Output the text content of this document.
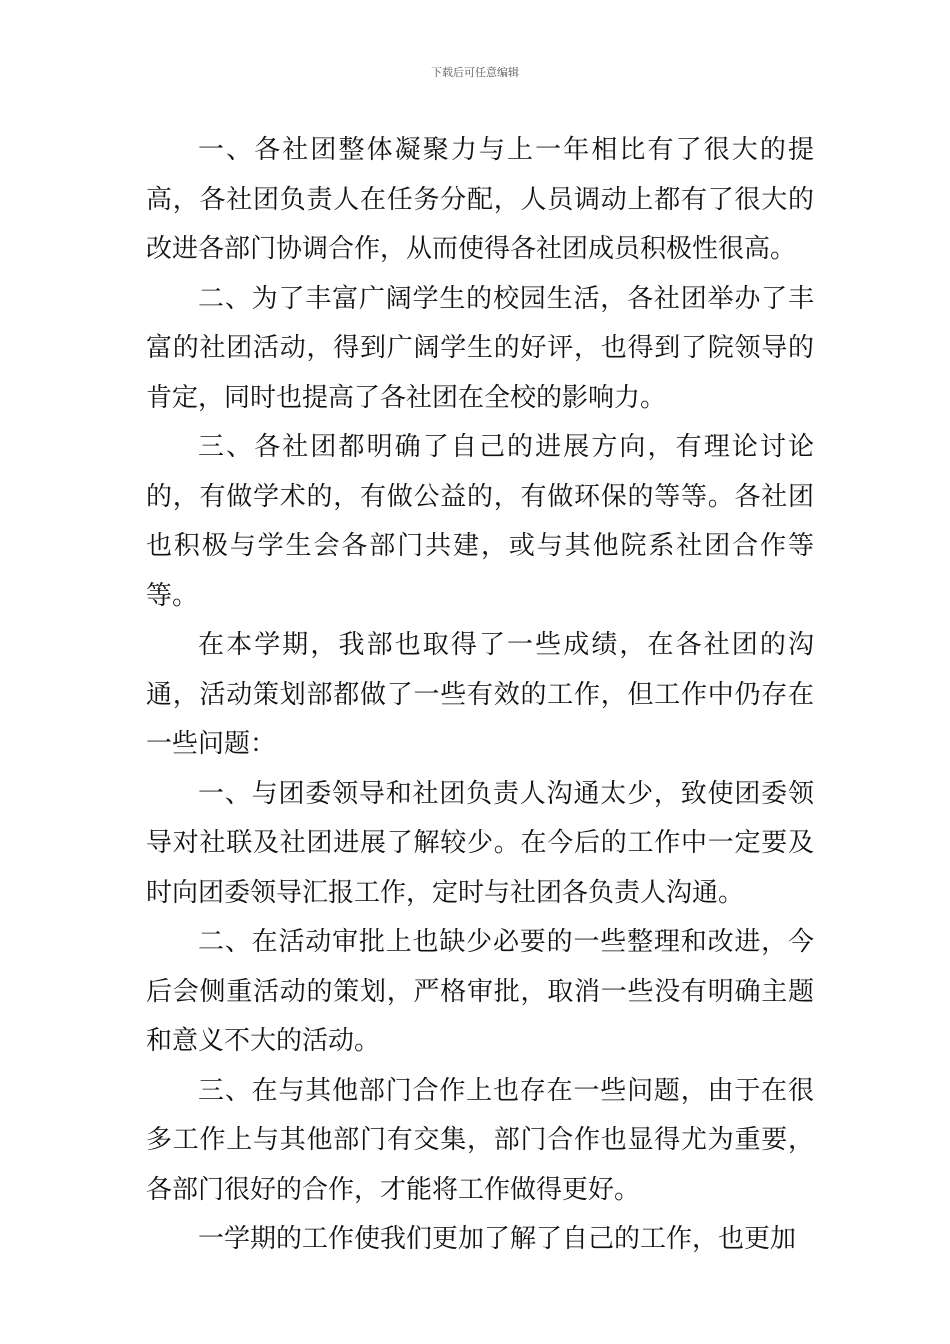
下载后可任意编辑

一、各社团整体凝聚力与上一年相比有了很大的提高，各社团负责人在任务分配，人员调动上都有了很大的改进各部门协调合作，从而使得各社团成员积极性很高。

二、为了丰富广阔学生的校园生活，各社团举办了丰富的社团活动，得到广阔学生的好评，也得到了院领导的肯定，同时也提高了各社团在全校的影响力。

三、各社团都明确了自己的进展方向，有理论讨论的，有做学术的，有做公益的，有做环保的等等。各社团也积极与学生会各部门共建，或与其他院系社团合作等等。

在本学期，我部也取得了一些成绩，在各社团的沟通，活动策划部都做了一些有效的工作，但工作中仍存在一些问题：

一、与团委领导和社团负责人沟通太少，致使团委领导对社联及社团进展了解较少。在今后的工作中一定要及时向团委领导汇报工作，定时与社团各负责人沟通。

二、在活动审批上也缺少必要的一些整理和改进，今后会侧重活动的策划，严格审批，取消一些没有明确主题和意义不大的活动。

三、在与其他部门合作上也存在一些问题，由于在很多工作上与其他部门有交集，部门合作也显得尤为重要，各部门很好的合作，才能将工作做得更好。

一学期的工作使我们更加了解了自己的工作，也更加
